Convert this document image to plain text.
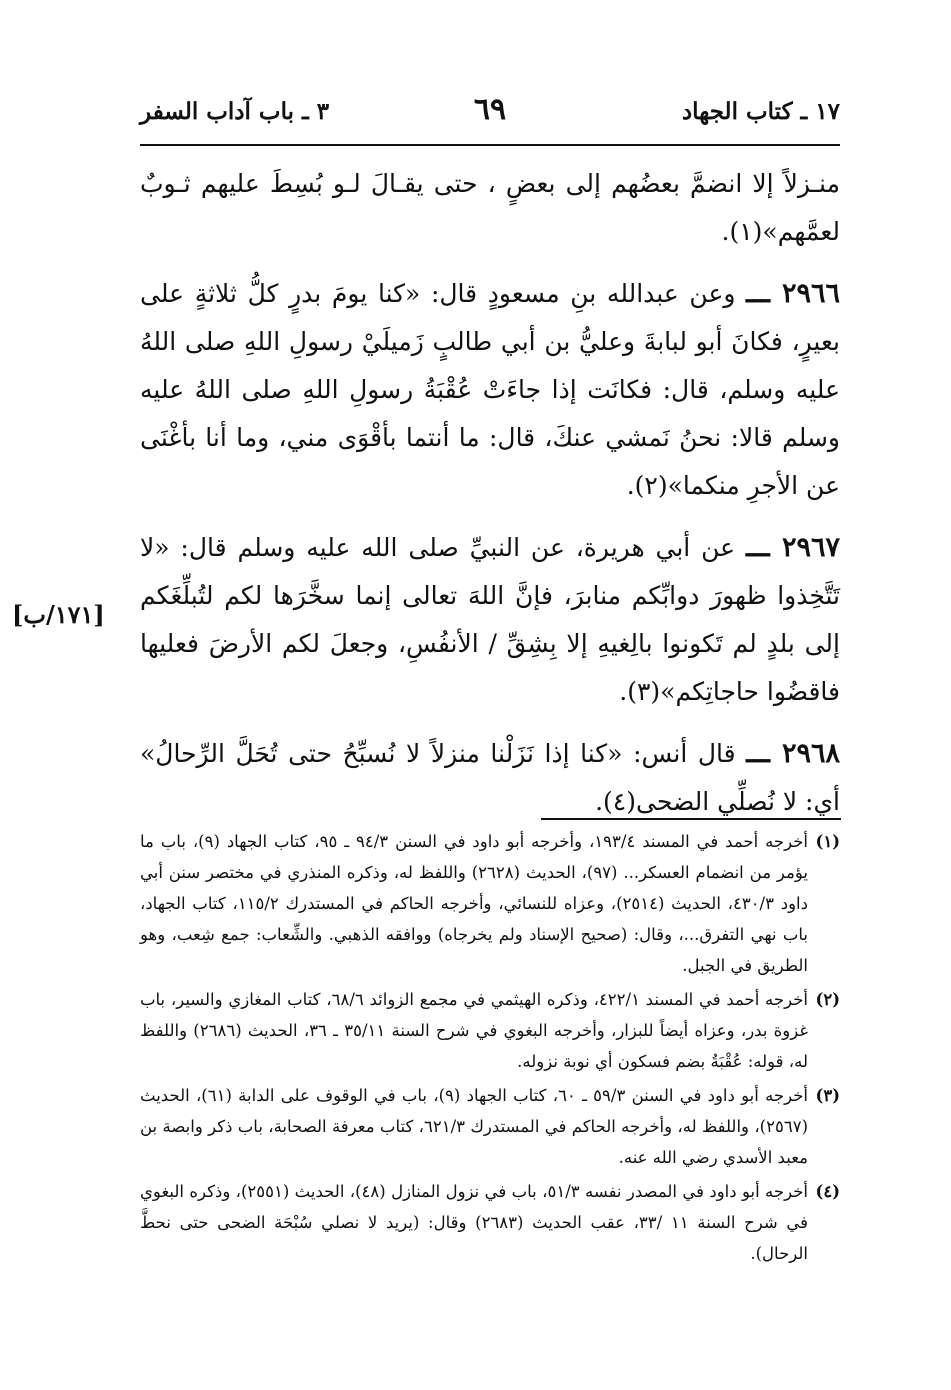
١٧ ـ كتاب الجهاد
٦٩
٣ ـ باب آداب السفر
[١٧١/ب]

منـزلاً إلا انضمَّ بعضُهم إلى بعضٍ ، حتى يقـالَ لـو بُسِطَ عليهم ثـوبٌ لعمَّهم»(١).

٢٩٦٦ ـــ وعن عبدالله بنِ مسعودٍ قال: «كنا يومَ بدرٍ كلُّ ثلاثةٍ على بعيرٍ، فكانَ أبو لبابةَ وعليُّ بن أبي طالبٍ زَميلَيْ رسولِ اللهِ صلى اللهُ عليه وسلم، قال: فكانَت إذا جاءَتْ عُقْبَةُ رسولِ اللهِ صلى اللهُ عليه وسلم قالا: نحنُ نَمشي عنكَ، قال: ما أنتما بأقْوَى مني، وما أنا بأغْنَى عن الأجرِ منكما»(٢).

٢٩٦٧ ـــ عن أبي هريرة، عن النبيِّ صلى الله عليه وسلم قال: «لا تَتَّخِذوا ظهورَ دوابِّكم منابرَ، فإنَّ اللهَ تعالى إنما سخَّرَها لكم لتُبلِّغَكم إلى بلدٍ لم تَكونوا بالِغيهِ إلا بِشِقِّ / الأنفُسِ، وجعلَ لكم الأرضَ فعليها فاقضُوا حاجاتِكم»(٣).

٢٩٦٨ ـــ قال أنس: «كنا إذا نَزَلْنا منزلاً لا نُسبِّحُ حتى تُحَلَّ الرِّحالُ» أي: لا نُصلِّي الضحى(٤).

(١)
أخرجه أحمد في المسند ١٩٣/٤، وأخرجه أبو داود في السنن ٩٤/٣ ـ ٩٥، كتاب الجهاد (٩)، باب ما يؤمر من انضمام العسكر... (٩٧)، الحديث (٢٦٢٨) واللفظ له، وذكره المنذري في مختصر سنن أبي داود ٤٣٠/٣، الحديث (٢٥١٤)، وعزاه للنسائي، وأخرجه الحاكم في المستدرك ١١٥/٢، كتاب الجهاد، باب نهي التفرق...، وقال: (صحيح الإسناد ولم يخرجاه) ووافقه الذهبي. والشِّعاب: جمع شِعب، وهو الطريق في الجبل.
(٢)
أخرجه أحمد في المسند ٤٢٢/١، وذكره الهيثمي في مجمع الزوائد ٦٨/٦، كتاب المغازي والسير، باب غزوة بدر، وعزاه أيضاً للبزار، وأخرجه البغوي في شرح السنة ٣٥/١١ ـ ٣٦، الحديث (٢٦٨٦) واللفظ له، قوله: عُقْبَةُ بضم فسكون أي نوبة نزوله.
(٣)
أخرجه أبو داود في السنن ٥٩/٣ ـ ٦٠، كتاب الجهاد (٩)، باب في الوقوف على الدابة (٦١)، الحديث (٢٥٦٧)، واللفظ له، وأخرجه الحاكم في المستدرك ٦٢١/٣، كتاب معرفة الصحابة، باب ذكر وابصة بن معبد الأسدي رضي الله عنه.
(٤)
أخرجه أبو داود في المصدر نفسه ٥١/٣، باب في نزول المنازل (٤٨)، الحديث (٢٥٥١)، وذكره البغوي في شرح السنة ١١ /٣٣، عقب الحديث (٢٦٨٣) وقال: (يريد لا نصلي سُبْحَة الضحى حتى نحطَّ الرحال).
